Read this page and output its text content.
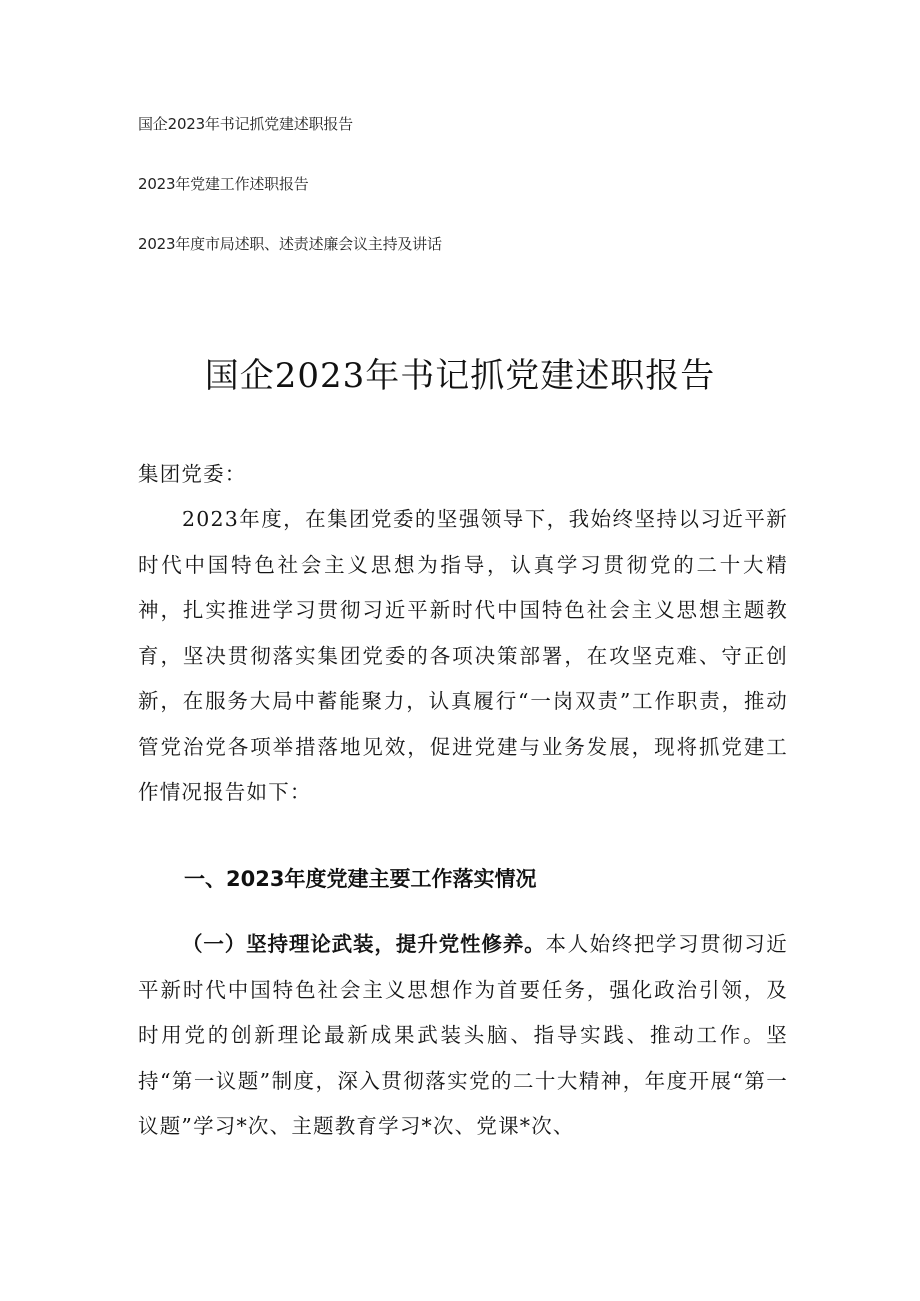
国企2023年书记抓党建述职报告
2023年党建工作述职报告
2023年度市局述职、述责述廉会议主持及讲话
国企2023年书记抓党建述职报告

集团党委：

2023年度，在集团党委的坚强领导下，我始终坚持以习近平新时代中国特色社会主义思想为指导，认真学习贯彻党的二十大精神，扎实推进学习贯彻习近平新时代中国特色社会主义思想主题教育，坚决贯彻落实集团党委的各项决策部署，在攻坚克难、守正创新，在服务大局中蓄能聚力，认真履行“一岗双责”工作职责，推动管党治党各项举措落地见效，促进党建与业务发展，现将抓党建工作情况报告如下：

一、2023年度党建主要工作落实情况

（一）坚持理论武装，提升党性修养。本人始终把学习贯彻习近平新时代中国特色社会主义思想作为首要任务，强化政治引领，及时用党的创新理论最新成果武装头脑、指导实践、推动工作。坚持“第一议题”制度，深入贯彻落实党的二十大精神，年度开展“第一议题”学习*次、主题教育学习*次、党课*次、
